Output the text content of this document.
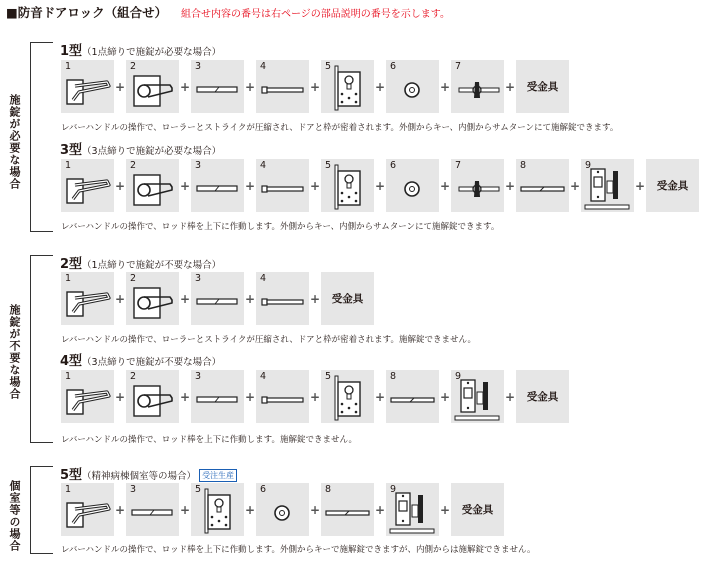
■防音ドアロック（組合せ） 組合せ内容の番号は右ページの部品説明の番号を示します。
施錠が必要な場合
施錠が不要な場合
個室等の場合
1型（1点締りで施錠が必要な場合）
1
+
2
+
3
+
4
+
5
+
6
+
7
+	受金具
レバーハンドルの操作で、ローラーとストライクが圧縮され、ドアと枠が密着されます。外側からキー、内側からサムターンにて施解錠できます。
3型（3点締りで施錠が必要な場合）
1
+
2
+
3
+
4
+
5
+
6
+
7
+
8
+
9
+	受金具
レバーハンドルの操作で、ロッド棒を上下に作動します。外側からキー、内側からサムターンにて施解錠できます。
2型（1点締りで施錠が不要な場合）
1
+
2
+
3
+
4
+	受金具
レバーハンドルの操作で、ローラーとストライクが圧縮され、ドアと枠が密着されます。施解錠できません。
4型（3点締りで施錠が不要な場合）
1
+
2
+
3
+
4
+
5
+
8
+
9
+	受金具
レバーハンドルの操作で、ロッド棒を上下に作動します。施解錠できません。
5型（精神病棟個室等の場合） 受注生産
1
+
3
+
5
+
6
+
8
+
9
+	受金具
レバーハンドルの操作で、ロッド棒を上下に作動します。外側からキーで施解錠できますが、内側からは施解錠できません。
